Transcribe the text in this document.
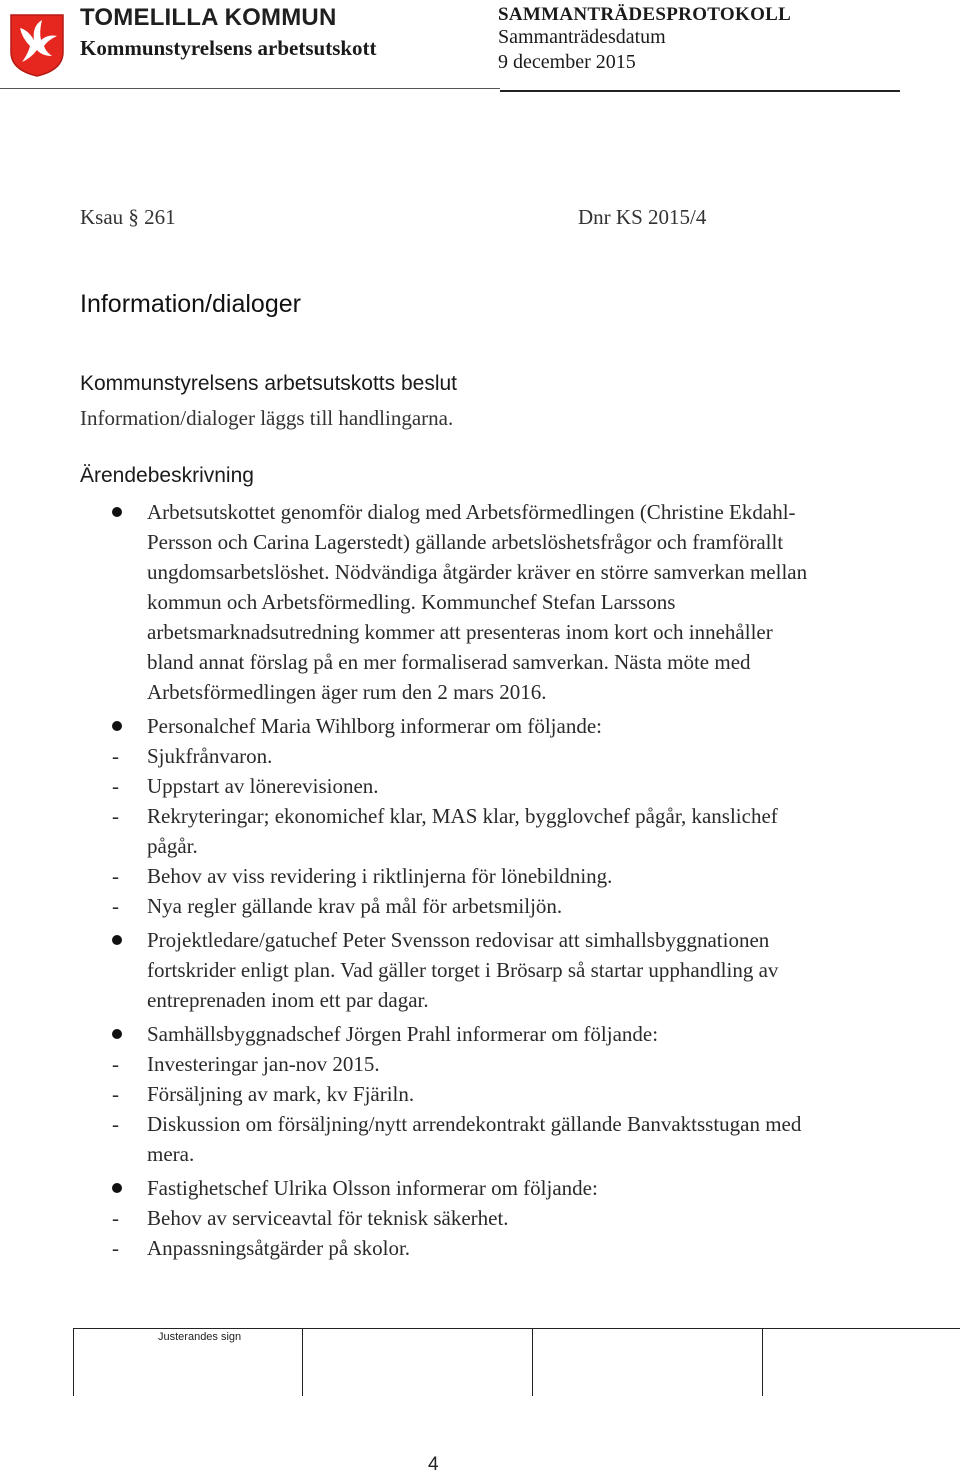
TOMELILLA KOMMUN
Kommunstyrelsens arbetsutskott
SAMMANTRÄDESPROTOKOLL
Sammanträdesdatum
9 december 2015
Ksau § 261	Dnr KS 2015/4
Information/dialoger
Kommunstyrelsens arbetsutskotts beslut
Information/dialoger läggs till handlingarna.
Ärendebeskrivning
Arbetsutskottet genomför dialog med Arbetsförmedlingen (Christine Ekdahl-Persson och Carina Lagerstedt) gällande arbetslöshetsfrågor och framförallt ungdomsarbetslöshet. Nödvändiga åtgärder kräver en större samverkan mellan kommun och Arbetsförmedling. Kommunchef Stefan Larssons arbetsmarknadsutredning kommer att presenteras inom kort och innehåller bland annat förslag på en mer formaliserad samverkan. Nästa möte med Arbetsförmedlingen äger rum den 2 mars 2016.
Personalchef Maria Wihlborg informerar om följande:
- Sjukfrånvaron.
- Uppstart av lönerevisionen.
- Rekryteringar; ekonomichef klar, MAS klar, bygglovchef pågår, kanslichef pågår.
- Behov av viss revidering i riktlinjerna för lönebildning.
- Nya regler gällande krav på mål för arbetsmiljön.
Projektledare/gatuchef Peter Svensson redovisar att simhallsbyggnationen fortskrider enligt plan. Vad gäller torget i Brösarp så startar upphandling av entreprenaden inom ett par dagar.
Samhällsbyggnadschef Jörgen Prahl informerar om följande:
- Investeringar jan-nov 2015.
- Försäljning av mark, kv Fjäriln.
- Diskussion om försäljning/nytt arrendekontrakt gällande Banvaktsstugan med mera.
Fastighetschef Ulrika Olsson informerar om följande:
- Behov av serviceavtal för teknisk säkerhet.
- Anpassningsåtgärder på skolor.
Justerandes sign
4
